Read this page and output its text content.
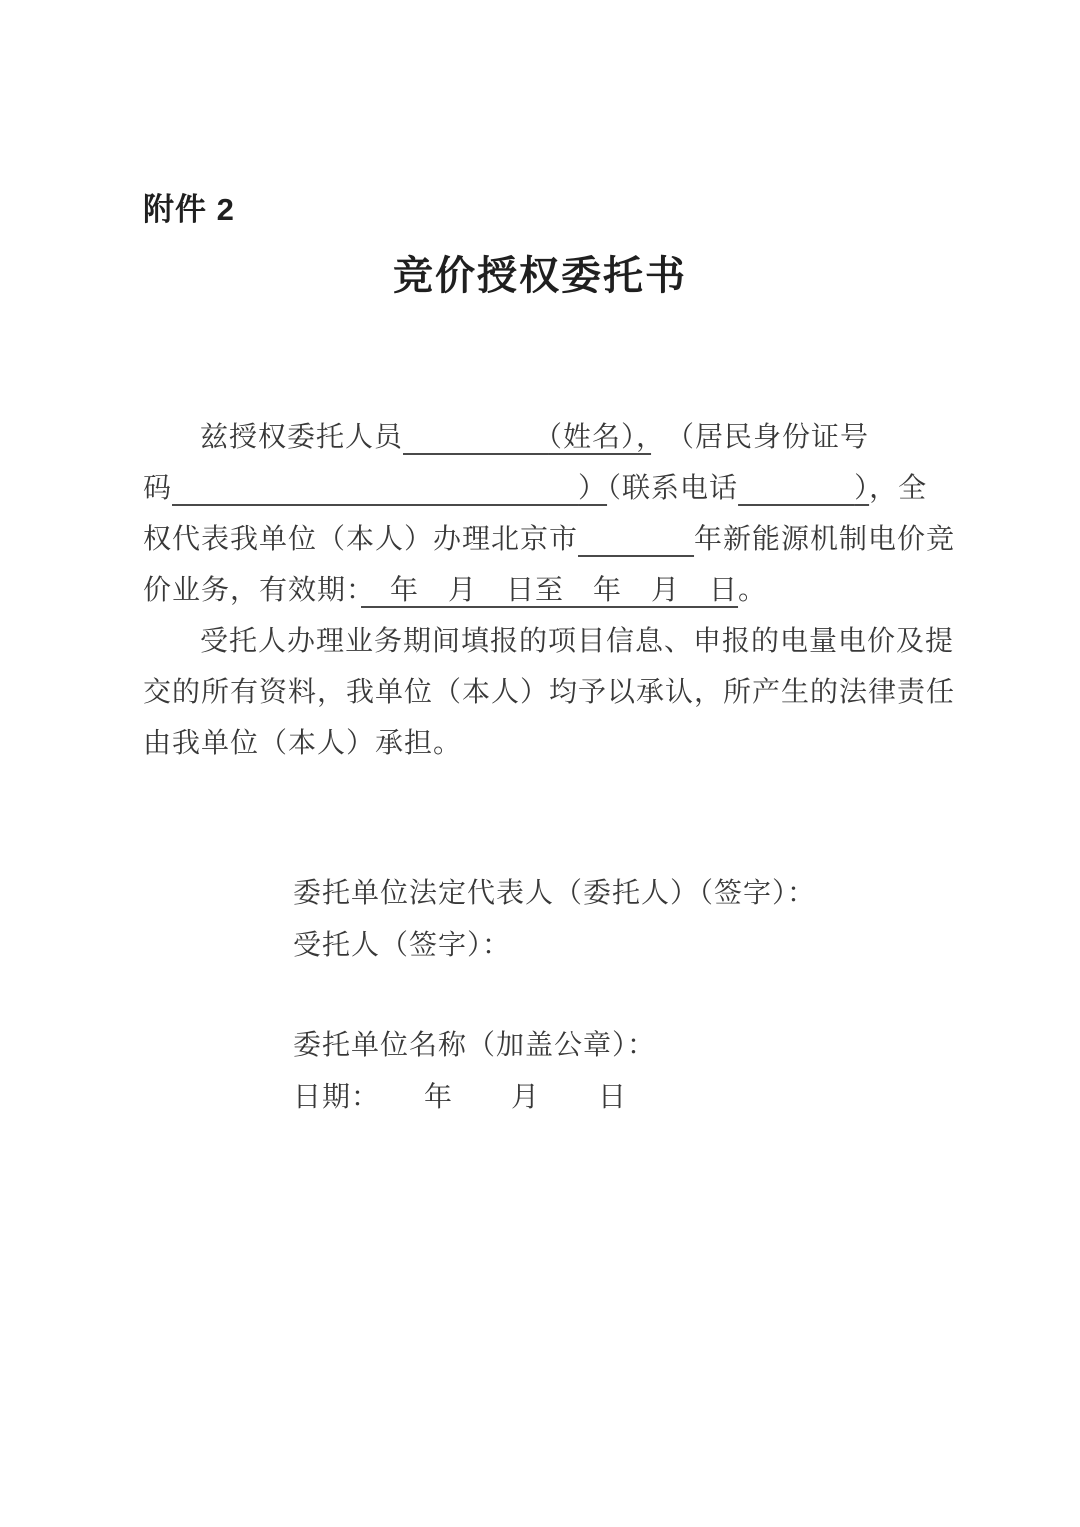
附件 2
竞价授权委托书
兹授权委托人员　　　　　	（姓名），　（居民身份证号
码　　　　　　　　　　　　　　	）（联系电话　　　　	），全
权代表我单位（本人）办理北京市　　　　	年新能源机制电价竞
价业务，有效期：　年　月　日至　年　月　日。
受托人办理业务期间填报的项目信息、申报的电量电价及提
交的所有资料，我单位（本人）均予以承认，所产生的法律责任
由我单位（本人）承担。
委托单位法定代表人（委托人）（签字）：
受托人（签字）：
委托单位名称（加盖公章）：
日期：　　年　　月　　日
